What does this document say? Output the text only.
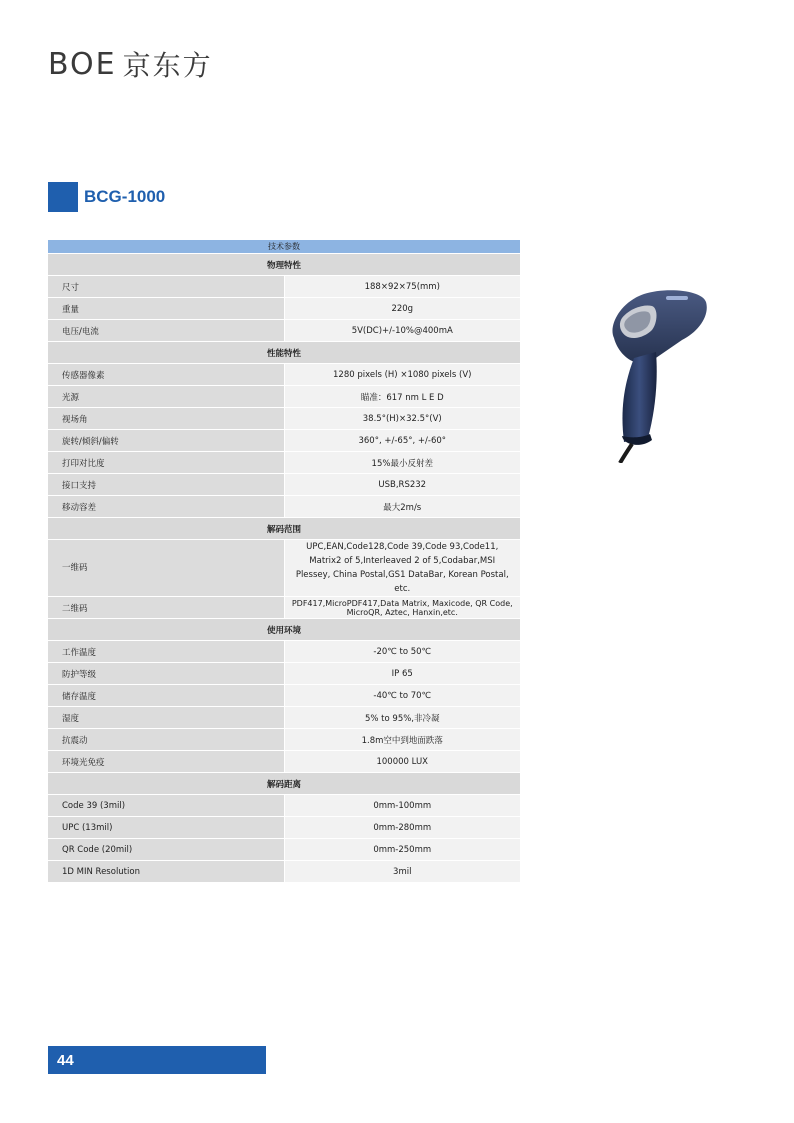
BOE 京东方
BCG-1000
技术参数	
物理特性	
尺寸	188×92×75(mm)
重量	220g
电压/电流	5V(DC)+/-10%@400mA
性能特性	
传感器像素	1280 pixels (H) ×1080 pixels (V)
光源	瞄准：617 nm L E D
视场角	38.5°(H)×32.5°(V)
旋转/倾斜/偏转	360°, +/-65°, +/-60°
打印对比度	15%最小反射差
接口支持	USB,RS232
移动容差	最大2m/s
解码范围	
一维码	UPC,EAN,Code128,Code 39,Code 93,Code11, Matrix2 of 5,Interleaved 2 of 5,Codabar,MSI Plessey, China Postal,GS1 DataBar, Korean Postal, etc.
二维码	PDF417,MicroPDF417,Data Matrix, Maxicode, QR Code, MicroQR, Aztec, Hanxin,etc.
使用环境	
工作温度	-20℃ to 50℃
防护等级	IP 65
储存温度	-40℃ to 70℃
湿度	5% to 95%,非冷凝
抗震动	1.8m空中到地面跌落
环境光免疫	100000 LUX
解码距离	
Code 39 (3mil)	0mm-100mm
UPC (13mil)	0mm-280mm
QR Code (20mil)	0mm-250mm
1D MIN Resolution	3mil
44
